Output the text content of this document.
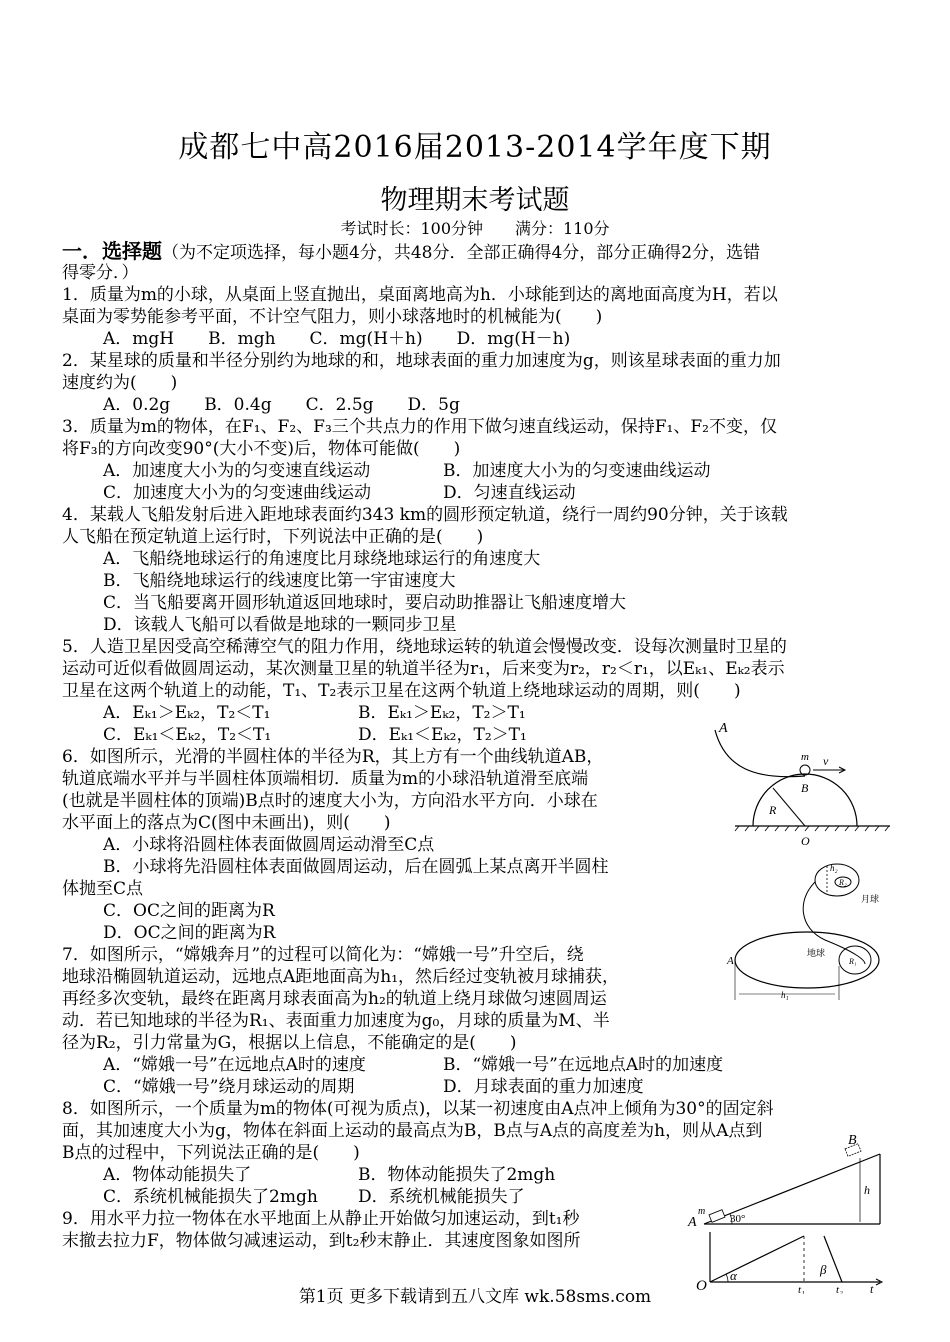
成都七中高2016届2013-2014学年度下期
物理期末考试题
考试时长：100分钟　　满分：110分
一．选择题（为不定项选择，每小题4分，共48分．全部正确得4分，部分正确得2分，选错
得零分．）
1．质量为m的小球，从桌面上竖直抛出，桌面离地高为h．小球能到达的离地面高度为H，若以
桌面为零势能参考平面，不计空气阻力，则小球落地时的机械能为(　　)
A．mgH　　B．mgh　　C．mg(H＋h)　　D．mg(H－h)
2．某星球的质量和半径分别约为地球的和，地球表面的重力加速度为g，则该星球表面的重力加
速度约为(　　)
A．0.2g　　B．0.4g　　C．2.5g　　D．5g
3．质量为m的物体，在F₁、F₂、F₃三个共点力的作用下做匀速直线运动，保持F₁、F₂不变，仅
将F₃的方向改变90°(大小不变)后，物体可能做(　　)
A．加速度大小为的匀变速直线运动	B．加速度大小为的匀变速曲线运动
C．加速度大小为的匀变速曲线运动	D．匀速直线运动
4．某载人飞船发射后进入距地球表面约343 km的圆形预定轨道，绕行一周约90分钟，关于该载
人飞船在预定轨道上运行时，下列说法中正确的是(　　)
A．飞船绕地球运行的角速度比月球绕地球运行的角速度大
B．飞船绕地球运行的线速度比第一宇宙速度大
C．当飞船要离开圆形轨道返回地球时，要启动助推器让飞船速度增大
D．该载人飞船可以看做是地球的一颗同步卫星
5．人造卫星因受高空稀薄空气的阻力作用，绕地球运转的轨道会慢慢改变．设每次测量时卫星的
运动可近似看做圆周运动，某次测量卫星的轨道半径为r₁，后来变为r₂，r₂＜r₁，以Eₖ₁、Eₖ₂表示
卫星在这两个轨道上的动能，T₁、T₂表示卫星在这两个轨道上绕地球运动的周期，则(　　)
A．Eₖ₁＞Eₖ₂，T₂＜T₁	B．Eₖ₁＞Eₖ₂，T₂＞T₁
C．Eₖ₁＜Eₖ₂，T₂＜T₁	D．Eₖ₁＜Eₖ₂，T₂＞T₁
6．如图所示，光滑的半圆柱体的半径为R，其上方有一个曲线轨道AB，
轨道底端水平并与半圆柱体顶端相切．质量为m的小球沿轨道滑至底端
(也就是半圆柱体的顶端)B点时的速度大小为，方向沿水平方向．小球在
水平面上的落点为C(图中未画出)，则(　　)
A．小球将沿圆柱体表面做圆周运动滑至C点
B．小球将先沿圆柱体表面做圆周运动，后在圆弧上某点离开半圆柱
体抛至C点
C．OC之间的距离为R
D．OC之间的距离为R
7．如图所示，“嫦娥奔月”的过程可以简化为：“嫦娥一号”升空后，绕
地球沿椭圆轨道运动，远地点A距地面高为h₁，然后经过变轨被月球捕获，
再经多次变轨，最终在距离月球表面高为h₂的轨道上绕月球做匀速圆周运
动．若已知地球的半径为R₁、表面重力加速度为g₀，月球的质量为M、半
径为R₂，引力常量为G，根据以上信息，不能确定的是(　　)
A．“嫦娥一号”在远地点A时的速度	B．“嫦娥一号”在远地点A时的加速度
C．“嫦娥一号”绕月球运动的周期	D．月球表面的重力加速度
8．如图所示，一个质量为m的物体(可视为质点)，以某一初速度由A点冲上倾角为30°的固定斜
面，其加速度大小为g，物体在斜面上运动的最高点为B，B点与A点的高度差为h，则从A点到
B点的过程中，下列说法正确的是(　　)
A．物体动能损失了	B．物体动能损失了2mgh
C．系统机械能损失了2mgh D．系统机械能损失了
9．用水平力拉一物体在水平地面上从静止开始做匀加速运动，到t₁秒
末撤去拉力F，物体做匀减速运动，到t₂秒末静止．其速度图象如图所
A
m v
B
R
O
h₂
R₂
月球
地球
A	R₁
h₁
B
h
A
m
30°
O
α	β
t₁	t₂ t
第1页 更多下载请到五八文库 wk.58sms.com
